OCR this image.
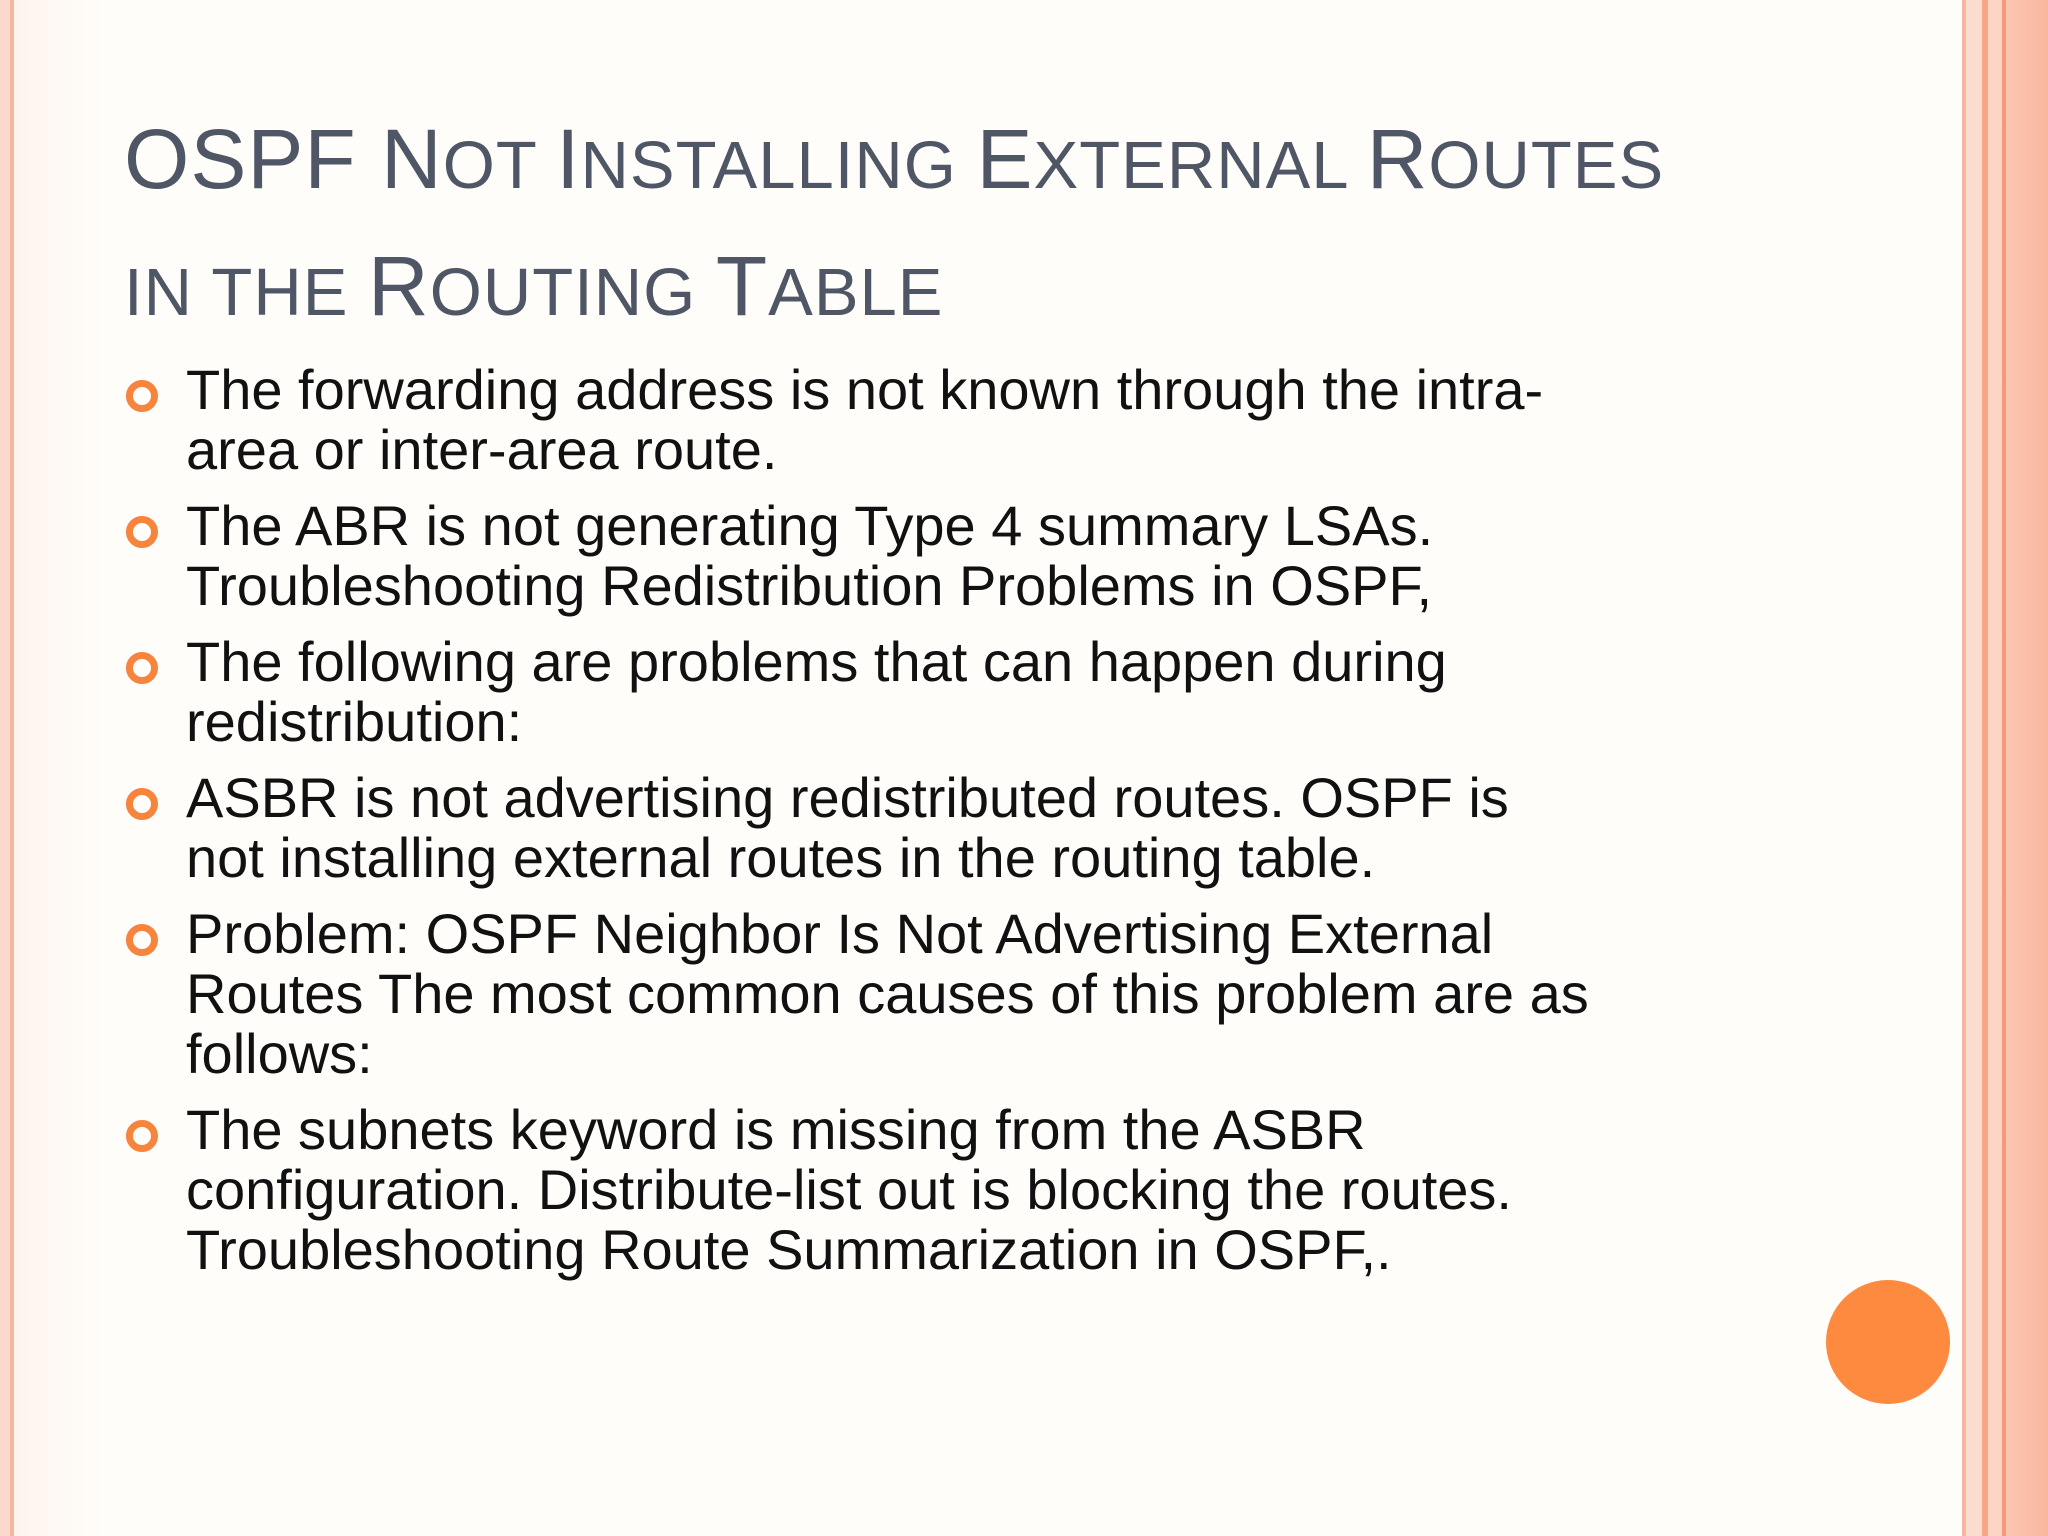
OSPF NOT INSTALLING EXTERNAL ROUTES
IN THE ROUTING TABLE
The forwarding address is not known through the intra-
area or inter-area route.
The ABR is not generating Type 4 summary LSAs.
Troubleshooting Redistribution Problems in OSPF,
The following are problems that can happen during
redistribution:
ASBR is not advertising redistributed routes. OSPF is
not installing external routes in the routing table.
Problem: OSPF Neighbor Is Not Advertising External
Routes The most common causes of this problem are as
follows:
The subnets keyword is missing from the ASBR
configuration. Distribute-list out is blocking the routes.
Troubleshooting Route Summarization in OSPF,.
